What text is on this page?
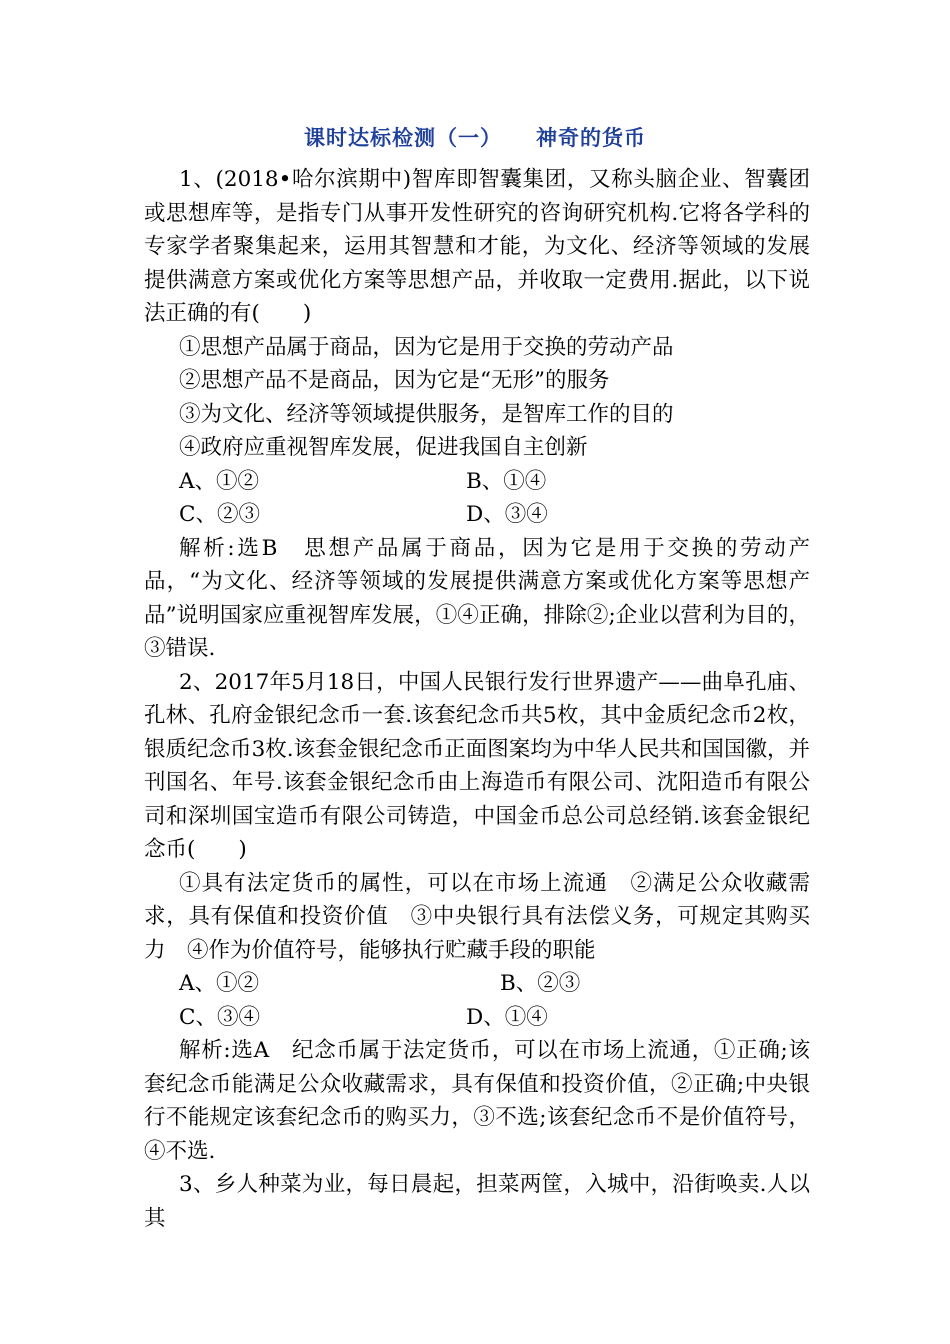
课时达标检测（一） 神奇的货币
1、(2018•哈尔滨期中)智库即智囊集团，又称头脑企业、智囊团或思想库等，是指专门从事开发性研究的咨询研究机构.它将各学科的专家学者聚集起来，运用其智慧和才能，为文化、经济等领域的发展提供满意方案或优化方案等思想产品，并收取一定费用.据此，以下说法正确的有(　　)
①思想产品属于商品，因为它是用于交换的劳动产品
②思想产品不是商品，因为它是“无形”的服务
③为文化、经济等领域提供服务，是智库工作的目的
④政府应重视智库发展，促进我国自主创新
A、①②	B、①④
C、②③	D、③④
解析:选B　思想产品属于商品，因为它是用于交换的劳动产品，“为文化、经济等领域的发展提供满意方案或优化方案等思想产品”说明国家应重视智库发展，①④正确，排除②;企业以营利为目的，③错误.
2、2017年5月18日，中国人民银行发行世界遗产——曲阜孔庙、孔林、孔府金银纪念币一套.该套纪念币共5枚，其中金质纪念币2枚，银质纪念币3枚.该套金银纪念币正面图案均为中华人民共和国国徽，并刊国名、年号.该套金银纪念币由上海造币有限公司、沈阳造币有限公司和深圳国宝造币有限公司铸造，中国金币总公司总经销.该套金银纪念币(　　)
①具有法定货币的属性，可以在市场上流通　②满足公众收藏需求，具有保值和投资价值　③中央银行具有法偿义务，可规定其购买力　④作为价值符号，能够执行贮藏手段的职能
A、①②	B、②③
C、③④	D、①④
解析:选A　纪念币属于法定货币，可以在市场上流通，①正确;该套纪念币能满足公众收藏需求，具有保值和投资价值，②正确;中央银行不能规定该套纪念币的购买力，③不选;该套纪念币不是价值符号，④不选.
3、乡人种菜为业，每日晨起，担菜两筐，入城中，沿街唤卖.人以其
